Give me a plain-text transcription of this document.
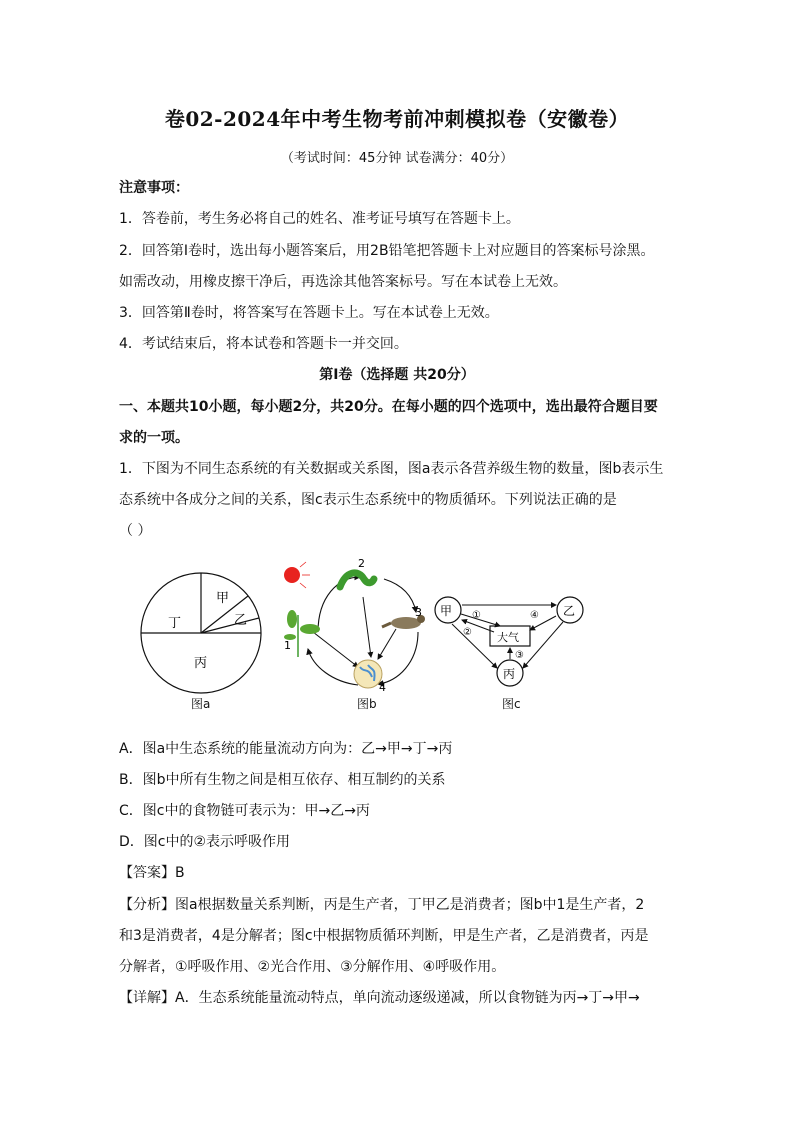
卷02-2024年中考生物考前冲刺模拟卷（安徽卷）
（考试时间：45分钟 试卷满分：40分）
注意事项：
1．答卷前，考生务必将自己的姓名、准考证号填写在答题卡上。
2．回答第Ⅰ卷时，选出每小题答案后，用2B铅笔把答题卡上对应题目的答案标号涂黑。
如需改动，用橡皮擦干净后，再选涂其他答案标号。写在本试卷上无效。
3．回答第Ⅱ卷时，将答案写在答题卡上。写在本试卷上无效。
4．考试结束后，将本试卷和答题卡一并交回。
第Ⅰ卷（选择题 共20分）
一、本题共10小题，每小题2分，共20分。在每小题的四个选项中，选出最符合题目要
求的一项。
1．下图为不同生态系统的有关数据或关系图，图a表示各营养级生物的数量，图b表示生
态系统中各成分之间的关系，图c表示生态系统中的物质循环。下列说法正确的是
（ ）
甲
乙
丁
丙
图a
2
3
1
4
图b
甲	乙
丙
大气
①
②
③
④
图c
A．图a中生态系统的能量流动方向为：乙→甲→丁→丙
B．图b中所有生物之间是相互依存、相互制约的关系
C．图c中的食物链可表示为：甲→乙→丙
D．图c中的②表示呼吸作用
【答案】B
【分析】图a根据数量关系判断，丙是生产者，丁甲乙是消费者；图b中1是生产者，2
和3是消费者，4是分解者；图c中根据物质循环判断，甲是生产者，乙是消费者，丙是
分解者，①呼吸作用、②光合作用、③分解作用、④呼吸作用。
【详解】A．生态系统能量流动特点，单向流动逐级递减，所以食物链为丙→丁→甲→
